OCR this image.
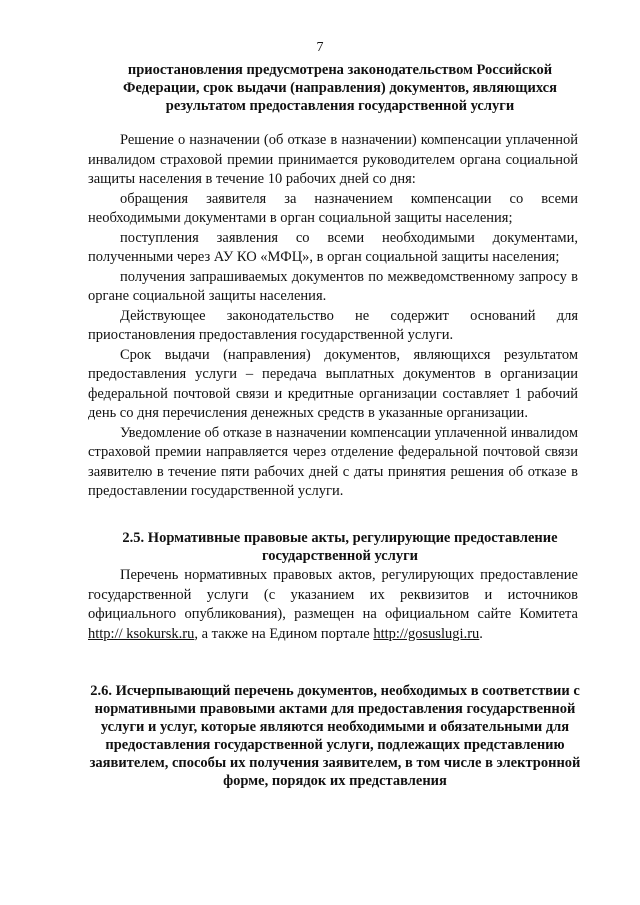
7
приостановления предусмотрена законодательством Российской Федерации, срок выдачи (направления) документов, являющихся результатом предоставления государственной услуги

Решение о назначении (об отказе в назначении) компенсации уплаченной инвалидом страховой премии принимается руководителем органа социальной защиты населения в течение 10 рабочих дней со дня:

обращения заявителя за назначением компенсации со всеми необходимыми документами в орган социальной защиты населения;

поступления заявления со всеми необходимыми документами, полученными через АУ КО «МФЦ», в орган социальной защиты населения;

получения запрашиваемых документов по межведомственному запросу в органе социальной защиты населения.

Действующее законодательство не содержит оснований для приостановления предоставления государственной услуги.

Срок выдачи (направления) документов, являющихся результатом предоставления услуги – передача выплатных документов в организации федеральной почтовой связи и кредитные организации составляет 1 рабочий день со дня перечисления денежных средств в указанные организации.

Уведомление об отказе в назначении компенсации уплаченной инвалидом страховой премии направляется через отделение федеральной почтовой связи заявителю в течение пяти рабочих дней с даты принятия решения об отказе в предоставлении государственной услуги.

2.5. Нормативные правовые акты, регулирующие предоставление государственной услуги

Перечень нормативных правовых актов, регулирующих предоставление государственной услуги (с указанием их реквизитов и источников официального опубликования), размещен на официальном сайте Комитета http:// ksokursk.ru, а также на Едином портале http://gosuslugi.ru.

2.6. Исчерпывающий перечень документов, необходимых в соответствии с нормативными правовыми актами для предоставления государственной услуги и услуг, которые являются необходимыми и обязательными для предоставления государственной услуги, подлежащих представлению заявителем, способы их получения заявителем, в том числе в электронной форме, порядок их представления
